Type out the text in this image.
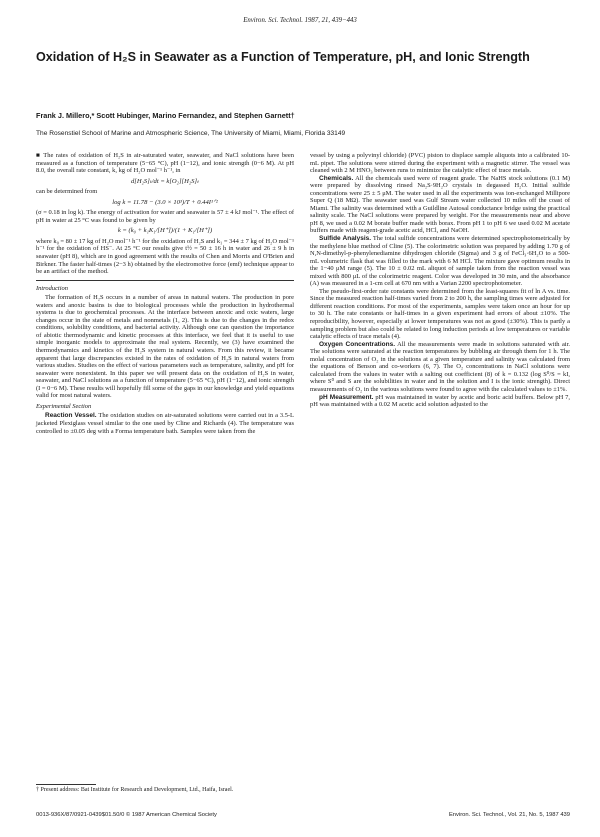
Environ. Sci. Technol. 1987, 21, 439−443
Oxidation of H₂S in Seawater as a Function of Temperature, pH, and Ionic Strength
Frank J. Millero,* Scott Hubinger, Marino Fernandez, and Stephen Garnett†
The Rosenstiel School of Marine and Atmospheric Science, The University of Miami, Miami, Florida 33149

■ The rates of oxidation of H₂S in air-saturated water, seawater, and NaCl solutions have been measured as a function of temperature (5−65 °C), pH (1−12), and ionic strength (0−6 M). At pH 8.0, the overall rate constant, k, kg of H₂O mol⁻¹ h⁻¹, in

d[H₂S]ₜ/dt = k[O₂][H₂S]ₜ

can be determined from

log k = 11.78 − (3.0 × 10³)/T + 0.44I¹ᐟ²

(σ = 0.18 in log k). The energy of activation for water and seawater is 57 ± 4 kJ mol⁻¹. The effect of pH in water at 25 °C was found to be given by

k = (k₀ + k₁K₁/[H⁺])/(1 + K₁/[H⁺])

where k₀ = 80 ± 17 kg of H₂O mol⁻¹ h⁻¹ for the oxidation of H₂S and k₁ = 344 ± 7 kg of H₂O mol⁻¹ h⁻¹ for the oxidation of HS⁻. At 25 °C our results give t½ = 50 ± 16 h in water and 26 ± 9 h in seawater (pH 8), which are in good agreement with the results of Chen and Morris and O'Brien and Birkner. The faster half-times (2−3 h) obtained by the electromotive force (emf) technique appear to be an artifact of the method.

Introduction

The formation of H₂S occurs in a number of areas in natural waters. The production in pore waters and anoxic basins is due to biological processes while the production in hydrothermal systems is due to geochemical processes. At the interface between anoxic and oxic waters, large changes occur in the state of metals and nonmetals (1, 2). This is due to the changes in the redox conditions, solubility conditions, and bacterial activity. Although one can question the importance of abiotic thermodynamic and kinetic processes at this interface, we feel that it is useful to use simple inorganic models to approximate the real system. Recently, we (3) have examined the thermodynamics and kinetics of the H₂S system in natural waters. From this review, it became apparent that large discrepancies existed in the rates of oxidation of H₂S in natural waters from various studies. Studies on the effect of various parameters such as temperature, salinity, and pH for seawater were nonexistent. In this paper we will present data on the oxidation of H₂S in water, seawater, and NaCl solutions as a function of temperature (5−65 °C), pH (1−12), and ionic strength (I = 0−6 M). These results will hopefully fill some of the gaps in our knowledge and yield equations valid for most natural waters.

Experimental Section

Reaction Vessel. The oxidation studies on air-saturated solutions were carried out in a 3.5-L jacketed Plexiglass vessel similar to the one used by Cline and Richards (4). The temperature was controlled to ±0.05 deg with a Forma temperature bath. Samples were taken from the

vessel by using a polyvinyl chloride) (PVC) piston to displace sample aliquots into a calibrated 10-mL pipet. The solutions were stirred during the experiment with a magnetic stirrer. The vessel was cleaned with 2 M HNO₃ between runs to minimize the catalytic effect of trace metals.

Chemicals. All the chemicals used were of reagent grade. The NaHS stock solutions (0.1 M) were prepared by dissolving rinsed Na₂S·9H₂O crystals in degassed H₂O. Initial sulfide concentrations were 25 ± 5 μM. The water used in all the experiments was ion-exchanged Millipore Super Q (18 MΩ). The seawater used was Gulf Stream water collected 10 miles off the coast of Miami. The salinity was determined with a Guildline Autosal conductance bridge using the practical salinity scale. The NaCl solutions were prepared by weight. For the measurements near and above pH 8, we used a 0.02 M borate buffer made with borax. From pH 1 to pH 6 we used 0.02 M acetate buffers made with reagent-grade acetic acid, HCl, and NaOH.

Sulfide Analysis. The total sulfide concentrations were determined spectrophotometrically by the methylene blue method of Cline (5). The colorimetric solution was prepared by adding 1.70 g of N,N-dimethyl-p-phenylenediamine dihydrogen chloride (Sigma) and 3 g of FeCl₃·6H₂O to a 500-mL volumetric flask that was filled to the mark with 6 M HCl. The mixture gave optimum results in the 1−40 μM range (5). The 10 ± 0.02 mL aliquot of sample taken from the reaction vessel was mixed with 800 μL of the colorimetric reagent. Color was developed in 30 min, and the absorbance (A) was measured in a 1-cm cell at 670 nm with a Varian 2200 spectrophotometer.

The pseudo-first-order rate constants were determined from the least-squares fit of ln A vs. time. Since the measured reaction half-times varied from 2 to 200 h, the sampling times were adjusted for different reaction conditions. For most of the experiments, samples were taken once an hour for up to 30 h. The rate constants or half-times in a given experiment had errors of about ±10%. The reproducibility, however, especially at lower temperatures was not as good (±30%). This is partly a sampling problem but also could be related to long induction periods at low temperatures or variable catalytic effects of trace metals (4).

Oxygen Concentrations. All the measurements were made in solutions saturated with air. The solutions were saturated at the reaction temperatures by bubbling air through them for 1 h. The molal concentration of O₂ in the solutions at a given temperature and salinity was calculated from the equations of Benson and co-workers (6, 7). The O₂ concentrations in NaCl solutions were calculated from the values in water with a salting out coefficient (8) of k = 0.132 (log S⁰/S = kI, where S⁰ and S are the solubilities in water and in the solution and I is the ionic strength). Direct measurements of O₂ in the various solutions were found to agree with the calculated values to ±1%.

pH Measurement. pH was maintained in water by acetic and boric acid buffers. Below pH 7, pH was maintained with a 0.02 M acetic acid solution adjusted to the

† Present address: Bat Institute for Research and Development, Ltd., Haifa, Israel.
0013-936X/87/0921-0439$01.50/0 © 1987 American Chemical Society	Environ. Sci. Technol., Vol. 21, No. 5, 1987 439
